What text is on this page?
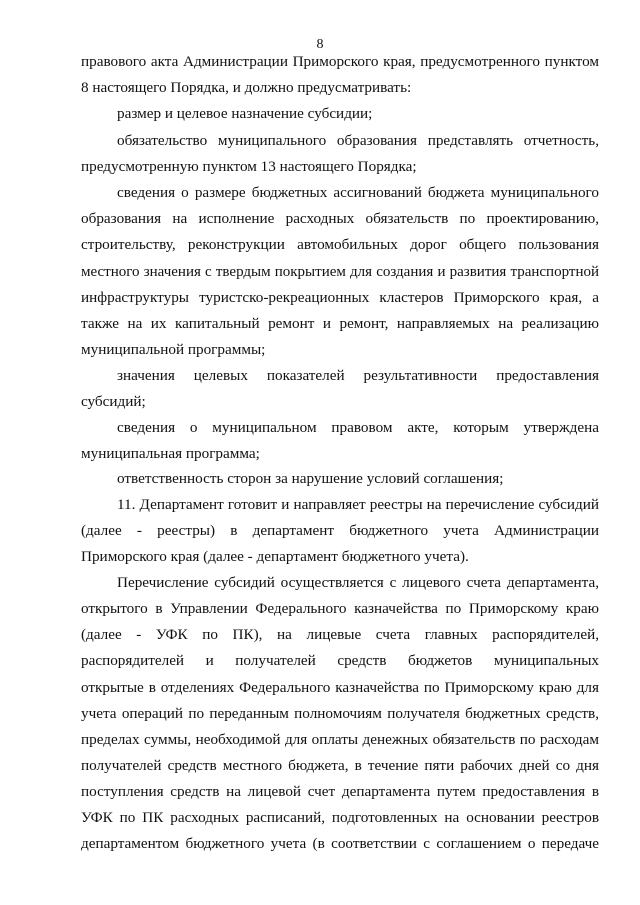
8
правового акта Администрации Приморского края, предусмотренного пунктом
8 настоящего Порядка, и должно предусматривать:
размер и целевое назначение субсидии;
обязательство муниципального образования представлять отчетность,
предусмотренную пунктом 13 настоящего Порядка;
сведения о размере бюджетных ассигнований бюджета муниципального
образования на исполнение расходных обязательств по проектированию,
строительству, реконструкции автомобильных дорог общего пользования
местного значения с твердым покрытием для создания и развития транспортной
инфраструктуры туристско-рекреационных кластеров Приморского края, а
также на их капитальный ремонт и ремонт, направляемых на реализацию
муниципальной программы;
значения целевых показателей результативности предоставления
субсидий;
сведения о муниципальном правовом акте, которым утверждена
муниципальная программа;
ответственность сторон за нарушение условий соглашения;
11. Департамент готовит и направляет реестры на перечисление субсидий
(далее - реестры) в департамент бюджетного учета Администрации
Приморского края (далее - департамент бюджетного учета).
Перечисление субсидий осуществляется с лицевого счета департамента,
открытого в Управлении Федерального казначейства по Приморскому краю
(далее - УФК по ПК), на лицевые счета главных распорядителей,
распорядителей и получателей средств бюджетов муниципальных
открытые в отделениях Федерального казначейства по Приморскому краю для
учета операций по переданным полномочиям получателя бюджетных средств,
пределах суммы, необходимой для оплаты денежных обязательств по расходам
получателей средств местного бюджета, в течение пяти рабочих дней со дня
поступления средств на лицевой счет департамента путем предоставления в
УФК по ПК расходных расписаний, подготовленных на основании реестров
департаментом бюджетного учета (в соответствии с соглашением о передаче
